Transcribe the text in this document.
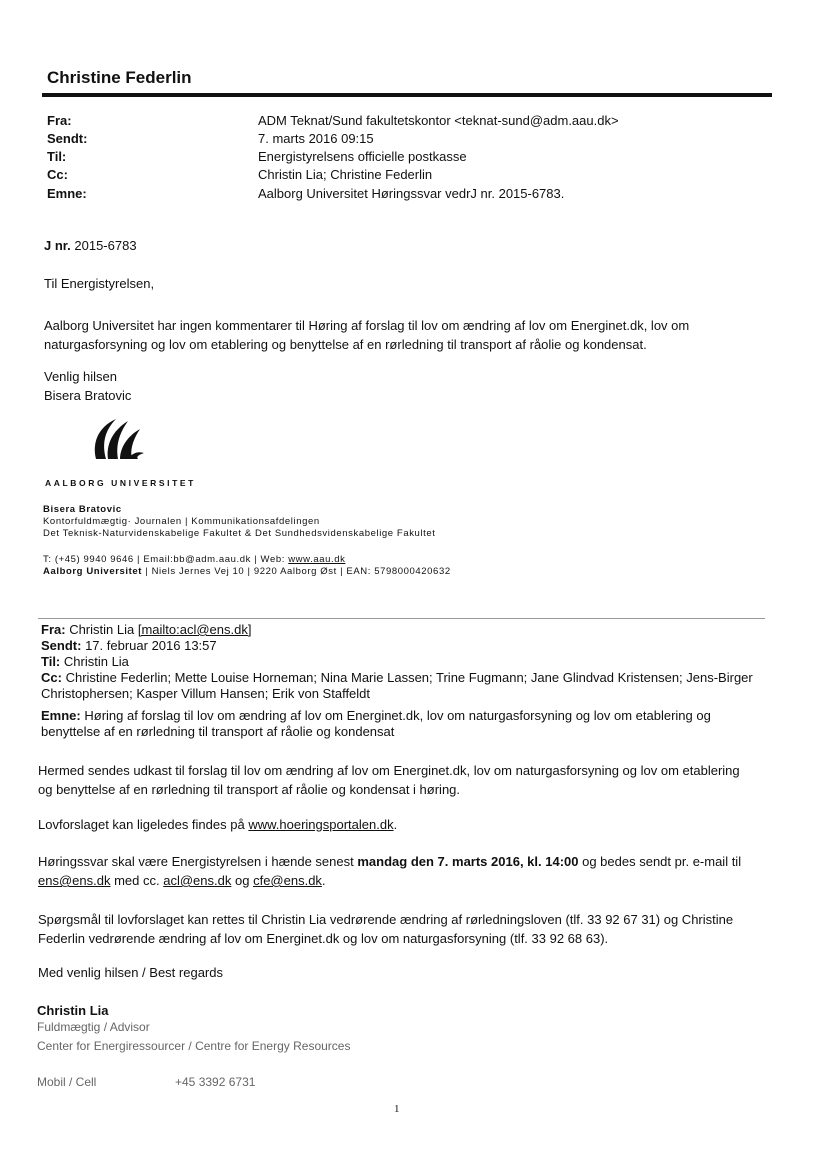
Christine Federlin
Fra:	ADM Teknat/Sund fakultetskontor <teknat-sund@adm.aau.dk>
Sendt:	7. marts 2016 09:15
Til:	Energistyrelsens officielle postkasse
Cc:	Christin Lia; Christine Federlin
Emne:	Aalborg Universitet Høringssvar vedrJ nr. 2015-6783.
J nr. 2015-6783
Til Energistyrelsen,
Aalborg Universitet har ingen kommentarer til Høring af forslag til lov om ændring af lov om Energinet.dk, lov om naturgasforsyning og lov om etablering og benyttelse af en rørledning til transport af råolie og kondensat.
Venlig hilsen
Bisera Bratovic
AALBORG UNIVERSITET
Bisera Bratovic
Kontorfuldmægtig· Journalen | Kommunikationsafdelingen
Det Teknisk-Naturvidenskabelige Fakultet & Det Sundhedsvidenskabelige Fakultet
T: (+45) 9940 9646 | Email:bb@adm.aau.dk | Web: www.aau.dk
Aalborg Universitet | Niels Jernes Vej 10 | 9220 Aalborg Øst | EAN: 5798000420632
Fra: Christin Lia [mailto:acl@ens.dk]
Sendt: 17. februar 2016 13:57
Til: Christin Lia
Cc: Christine Federlin; Mette Louise Horneman; Nina Marie Lassen; Trine Fugmann; Jane Glindvad Kristensen; Jens-Birger Christophersen; Kasper Villum Hansen; Erik von Staffeldt
Emne: Høring af forslag til lov om ændring af lov om Energinet.dk, lov om naturgasforsyning og lov om etablering og benyttelse af en rørledning til transport af råolie og kondensat
Hermed sendes udkast til forslag til lov om ændring af lov om Energinet.dk, lov om naturgasforsyning og lov om etablering og benyttelse af en rørledning til transport af råolie og kondensat i høring.
Lovforslaget kan ligeledes findes på www.hoeringsportalen.dk.
Høringssvar skal være Energistyrelsen i hænde senest mandag den 7. marts 2016, kl. 14:00 og bedes sendt pr. e-mail til ens@ens.dk med cc. acl@ens.dk og cfe@ens.dk.
Spørgsmål til lovforslaget kan rettes til Christin Lia vedrørende ændring af rørledningsloven (tlf. 33 92 67 31) og Christine Federlin vedrørende ændring af lov om Energinet.dk og lov om naturgasforsyning (tlf. 33 92 68 63).
Med venlig hilsen / Best regards
Christin Lia
Fuldmægtig / Advisor
Center for Energiressourcer / Centre for Energy Resources
Mobil / Cell	+45 3392 6731
1
